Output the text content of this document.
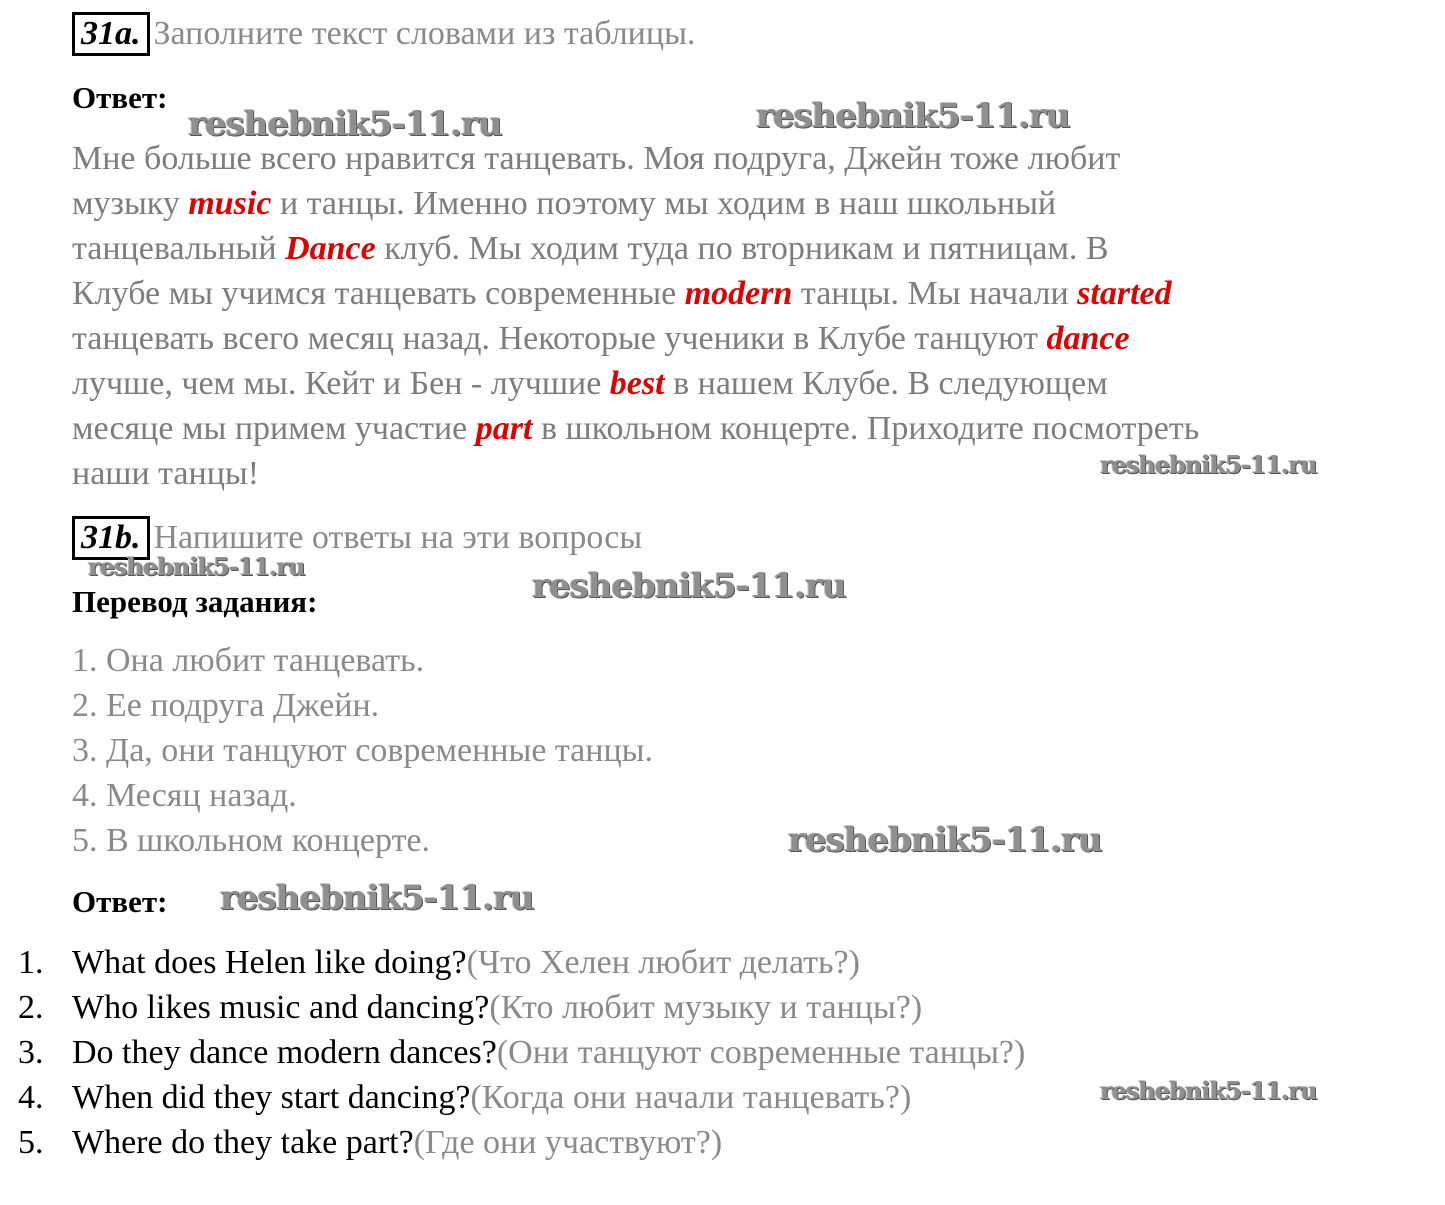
31a. Заполните текст словами из таблицы.
Ответ:
Мне больше всего нравится танцевать. Моя подруга, Джейн тоже любит
музыку music и танцы. Именно поэтому мы ходим в наш школьный
танцевальный Dance клуб. Мы ходим туда по вторникам и пятницам. В
Клубе мы учимся танцевать современные modern танцы. Мы начали started
танцевать всего месяц назад. Некоторые ученики в Клубе танцуют dance
лучше, чем мы. Кейт и Бен - лучшие best в нашем Клубе. В следующем
месяце мы примем участие part в школьном концерте. Приходите посмотреть
наши танцы!
31b. Напишите ответы на эти вопросы
Перевод задания:
1. Она любит танцевать.
2. Ее подруга Джейн.
3. Да, они танцуют современные танцы.
4. Месяц назад.
5. В школьном концерте.
Ответ:
1. What does Helen like doing? (Что Хелен любит делать?)
2. Who likes music and dancing? (Кто любит музыку и танцы?)
3. Do they dance modern dances? (Они танцуют современные танцы?)
4. When did they start dancing? (Когда они начали танцевать?)
5. Where do they take part? (Где они участвуют?)
reshebnik5-11.ru	reshebnik5-11.ru
reshebnik5-11.ru
reshebnik5-11.ru	reshebnik5-11.ru
reshebnik5-11.ru
reshebnik5-11.ru
reshebnik5-11.ru
